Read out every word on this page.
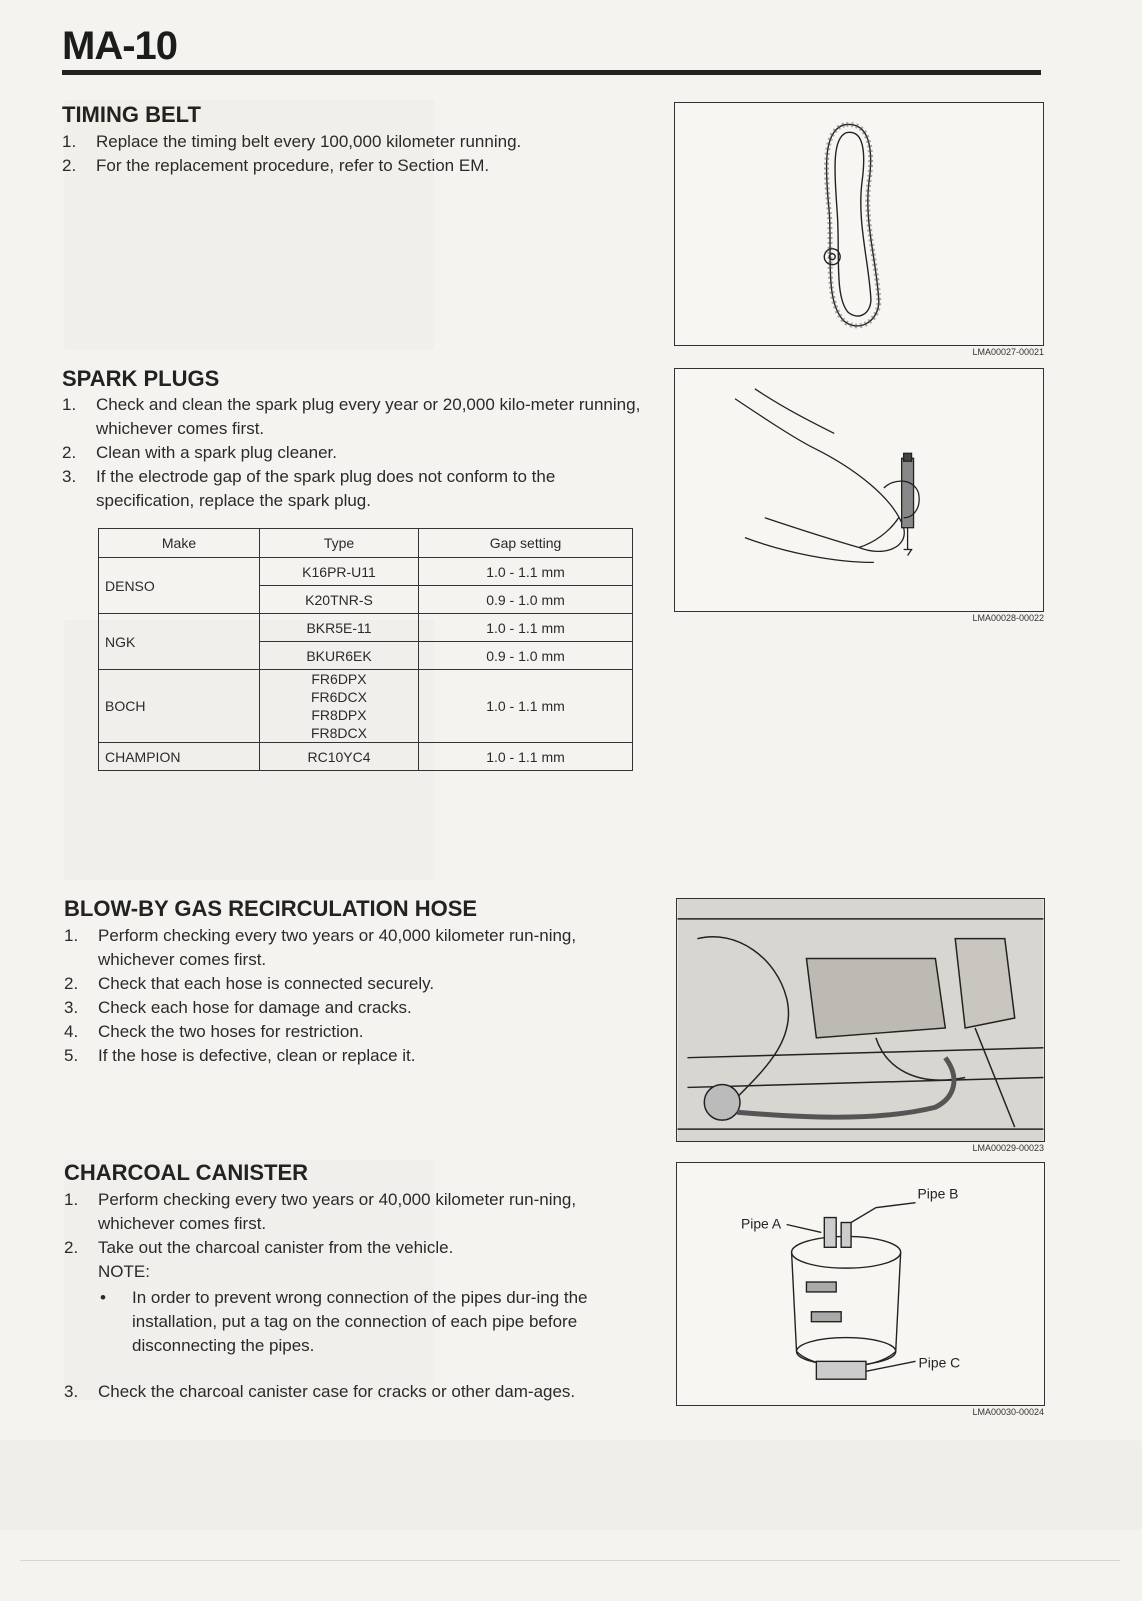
MA-10
TIMING BELT
1. Replace the timing belt every 100,000 kilometer running.
2. For the replacement procedure, refer to Section EM.
SPARK PLUGS
1. Check and clean the spark plug every year or 20,000 kilo-meter running, whichever comes first.
2. Clean with a spark plug cleaner.
3. If the electrode gap of the spark plug does not conform to the specification, replace the spark plug.
Make	Type	Gap setting
DENSO	K16PR-U11	1.0 - 1.1 mm
	K20TNR-S	0.9 - 1.0 mm
NGK	BKR5E-11	1.0 - 1.1 mm
	BKUR6EK	0.9 - 1.0 mm
BOCH	FR6DPX
FR6DCX
FR8DPX
FR8DCX	1.0 - 1.1 mm
CHAMPION	RC10YC4	1.0 - 1.1 mm
BLOW-BY GAS RECIRCULATION HOSE
1. Perform checking every two years or 40,000 kilometer run-ning, whichever comes first.
2. Check that each hose is connected securely.
3. Check each hose for damage and cracks.
4. Check the two hoses for restriction.
5. If the hose is defective, clean or replace it.
CHARCOAL CANISTER
1. Perform checking every two years or 40,000 kilometer run-ning, whichever comes first.
2. Take out the charcoal canister from the vehicle.
NOTE:
• In order to prevent wrong connection of the pipes dur-ing the installation, put a tag on the connection of each pipe before disconnecting the pipes.
3. Check the charcoal canister case for cracks or other dam-ages.
LMA00027-00021
LMA00028-00022
LMA00029-00023
Pipe B
Pipe A
Pipe C
LMA00030-00024
